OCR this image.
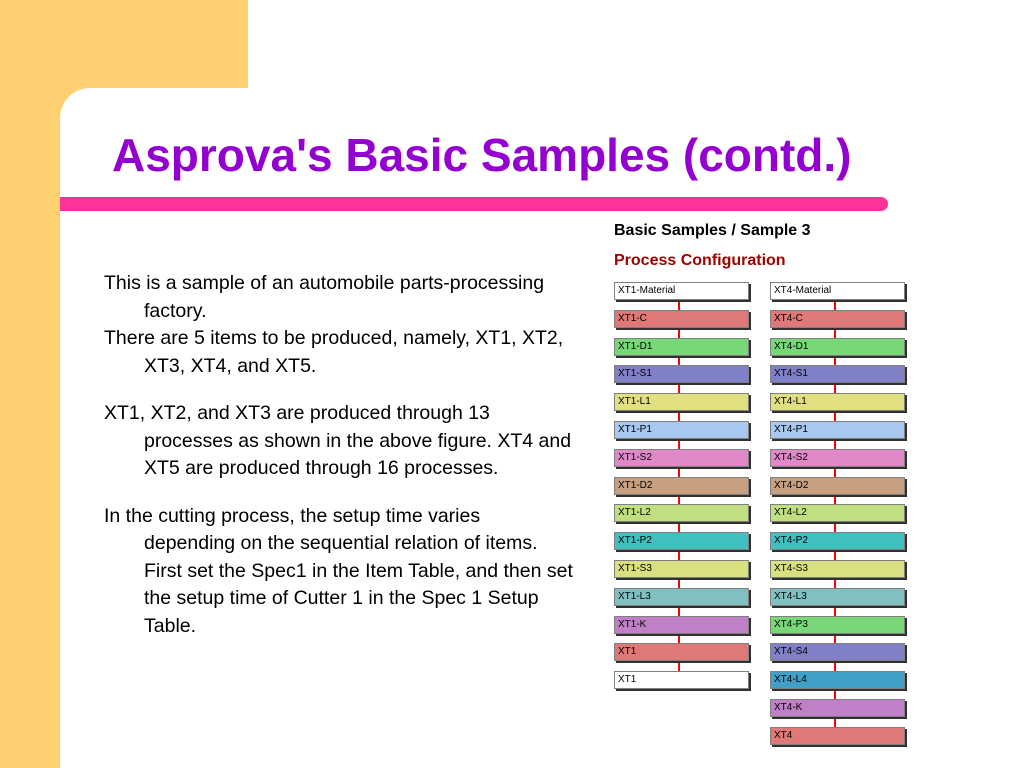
Asprova's Basic Samples (contd.)

This is a sample of an automobile parts-processing factory.

There are 5 items to be produced, namely, XT1, XT2, XT3, XT4, and XT5.

XT1, XT2, and XT3 are produced through 13 processes as shown in the above figure. XT4 and XT5 are produced through 16 processes.

In the cutting process, the setup time varies depending on the sequential relation of items. First set the Spec1 in the Item Table, and then set the setup time of Cutter 1 in the Spec 1 Setup Table.

Basic Samples / Sample 3
Process Configuration
XT1-Material
XT1-C
XT1-D1
XT1-S1
XT1-L1
XT1-P1
XT1-S2
XT1-D2
XT1-L2
XT1-P2
XT1-S3
XT1-L3
XT1-K
XT1
XT1
XT4-Material
XT4-C
XT4-D1
XT4-S1
XT4-L1
XT4-P1
XT4-S2
XT4-D2
XT4-L2
XT4-P2
XT4-S3
XT4-L3
XT4-P3
XT4-S4
XT4-L4
XT4-K
XT4
